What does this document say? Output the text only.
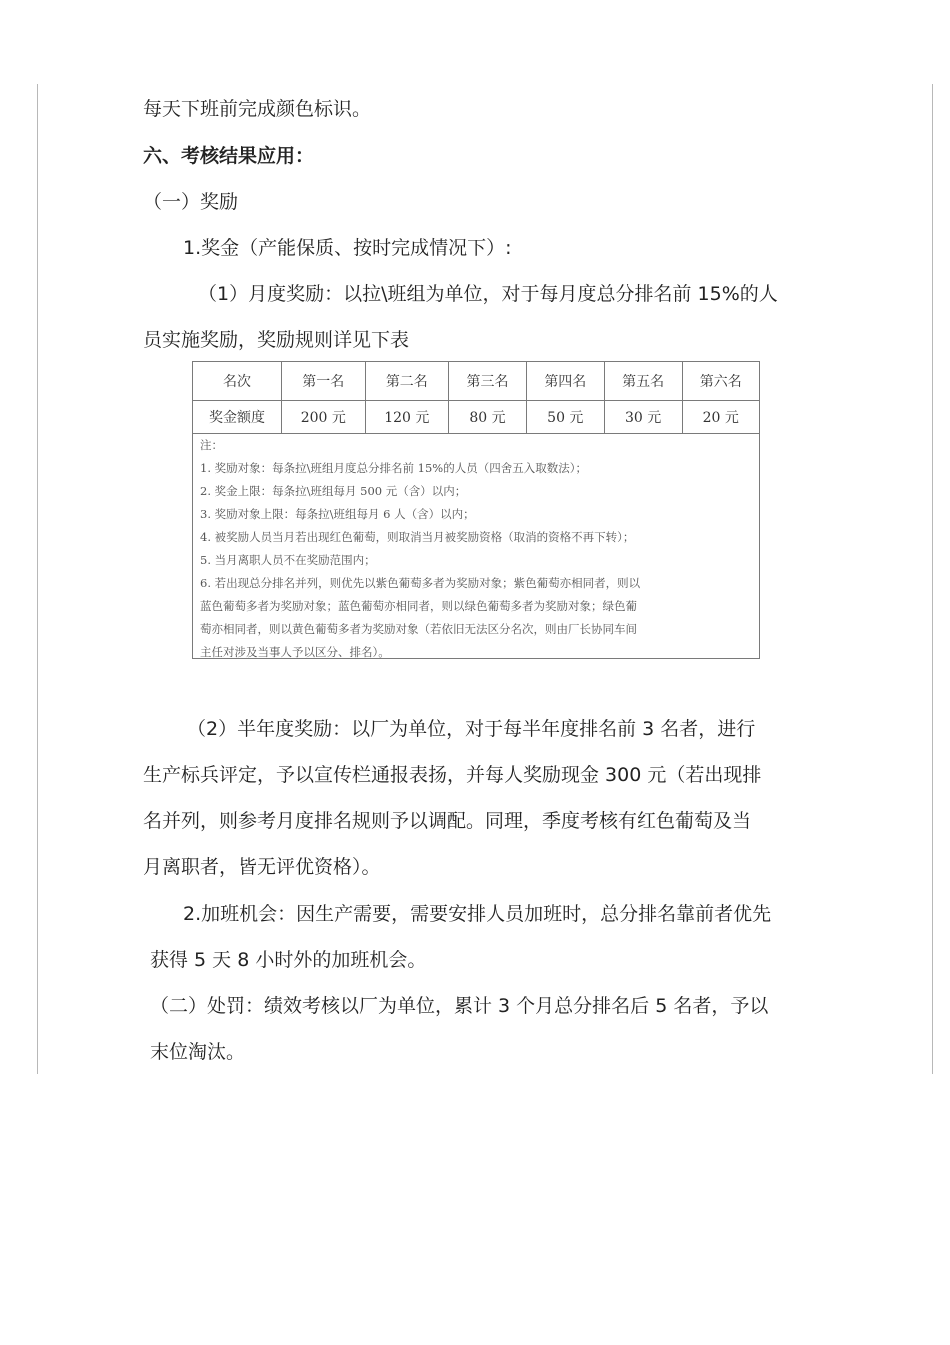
每天下班前完成颜色标识。
六、考核结果应用：
（一）奖励
1.奖金（产能保质、按时完成情况下）:
（1）月度奖励：以拉\班组为单位，对于每月度总分排名前 15%的人
员实施奖励，奖励规则详见下表
名次	第一名	第二名	第三名	第四名	第五名	第六名
奖金额度	200 元	120 元	80 元	50 元	30 元	20 元
注：
1. 奖励对象：每条拉\班组月度总分排名前 15%的人员（四舍五入取数法）；
2. 奖金上限：每条拉\班组每月 500 元（含）以内；
3. 奖励对象上限：每条拉\班组每月 6 人（含）以内；
4. 被奖励人员当月若出现红色葡萄，则取消当月被奖励资格（取消的资格不再下转）；
5. 当月离职人员不在奖励范围内；
6. 若出现总分排名并列，则优先以紫色葡萄多者为奖励对象；紫色葡萄亦相同者，则以
蓝色葡萄多者为奖励对象；蓝色葡萄亦相同者，则以绿色葡萄多者为奖励对象；绿色葡
萄亦相同者，则以黄色葡萄多者为奖励对象（若依旧无法区分名次，则由厂长协同车间
主任对涉及当事人予以区分、排名）。
（2）半年度奖励：以厂为单位，对于每半年度排名前 3 名者，进行
生产标兵评定，予以宣传栏通报表扬，并每人奖励现金 300 元（若出现排
名并列，则参考月度排名规则予以调配。同理，季度考核有红色葡萄及当
月离职者，皆无评优资格）。
2.加班机会：因生产需要，需要安排人员加班时，总分排名靠前者优先
获得 5 天 8 小时外的加班机会。
（二）处罚：绩效考核以厂为单位，累计 3 个月总分排名后 5 名者，予以
末位淘汰。
